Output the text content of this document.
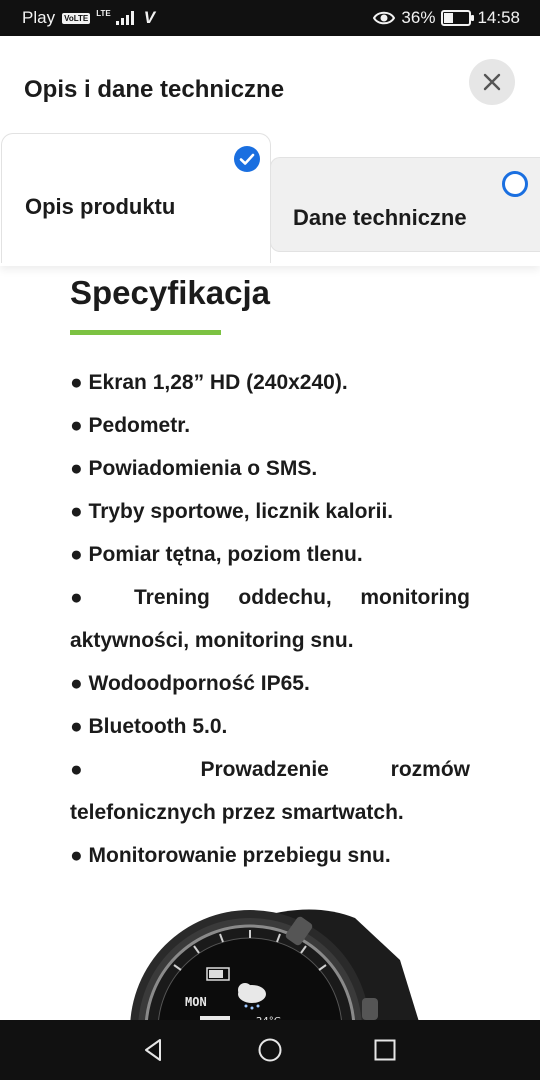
Play VoLTE
LTE V	36% 14:58
Opis i dane techniczne
Opis produktu	Dane techniczne
Specyfikacja
● Ekran 1,28” HD (240x240).
● Pedometr.
● Powiadomienia o SMS.
● Tryby sportowe, licznik kalorii.
● Pomiar tętna, poziom tlenu.
● Trening oddechu, monitoring
aktywności, monitoring snu.
● Wodoodporność IP65.
● Bluetooth 5.0.
● Prowadzenie rozmów
telefonicznych przez smartwatch.
● Monitorowanie przebiegu snu.
MON
